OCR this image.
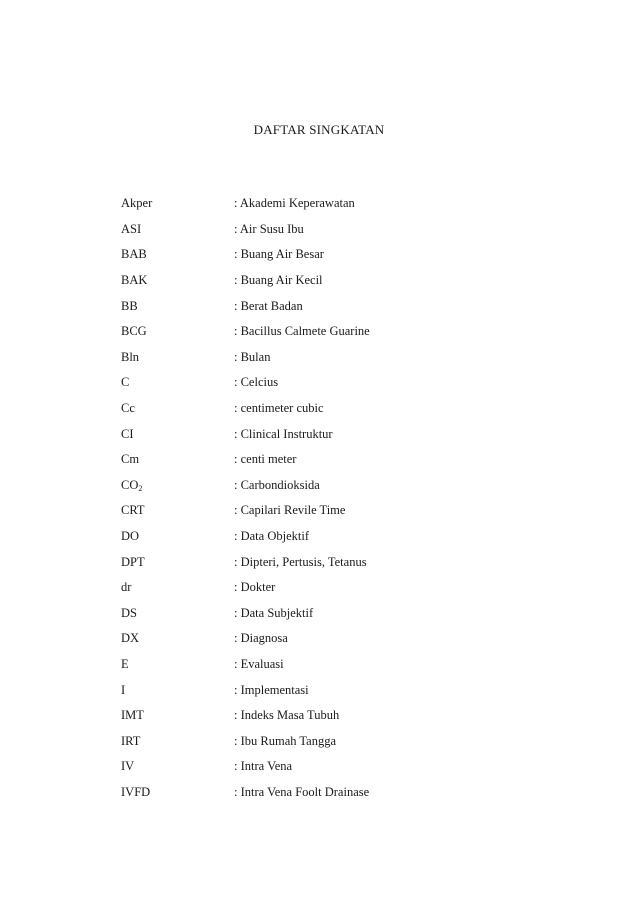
DAFTAR SINGKATAN
Akper	: Akademi Keperawatan
ASI	: Air Susu Ibu
BAB	: Buang Air Besar
BAK	: Buang Air Kecil
BB	: Berat Badan
BCG	: Bacillus Calmete Guarine
Bln	: Bulan
C	: Celcius
Cc	: centimeter cubic
CI	: Clinical Instruktur
Cm	: centi meter
CO2	: Carbondioksida
CRT	: Capilari Revile Time
DO	: Data Objektif
DPT	: Dipteri, Pertusis, Tetanus
dr	: Dokter
DS	: Data Subjektif
DX	: Diagnosa
E	: Evaluasi
I	: Implementasi
IMT	: Indeks Masa Tubuh
IRT	: Ibu Rumah Tangga
IV	: Intra Vena
IVFD	: Intra Vena Foolt Drainase
